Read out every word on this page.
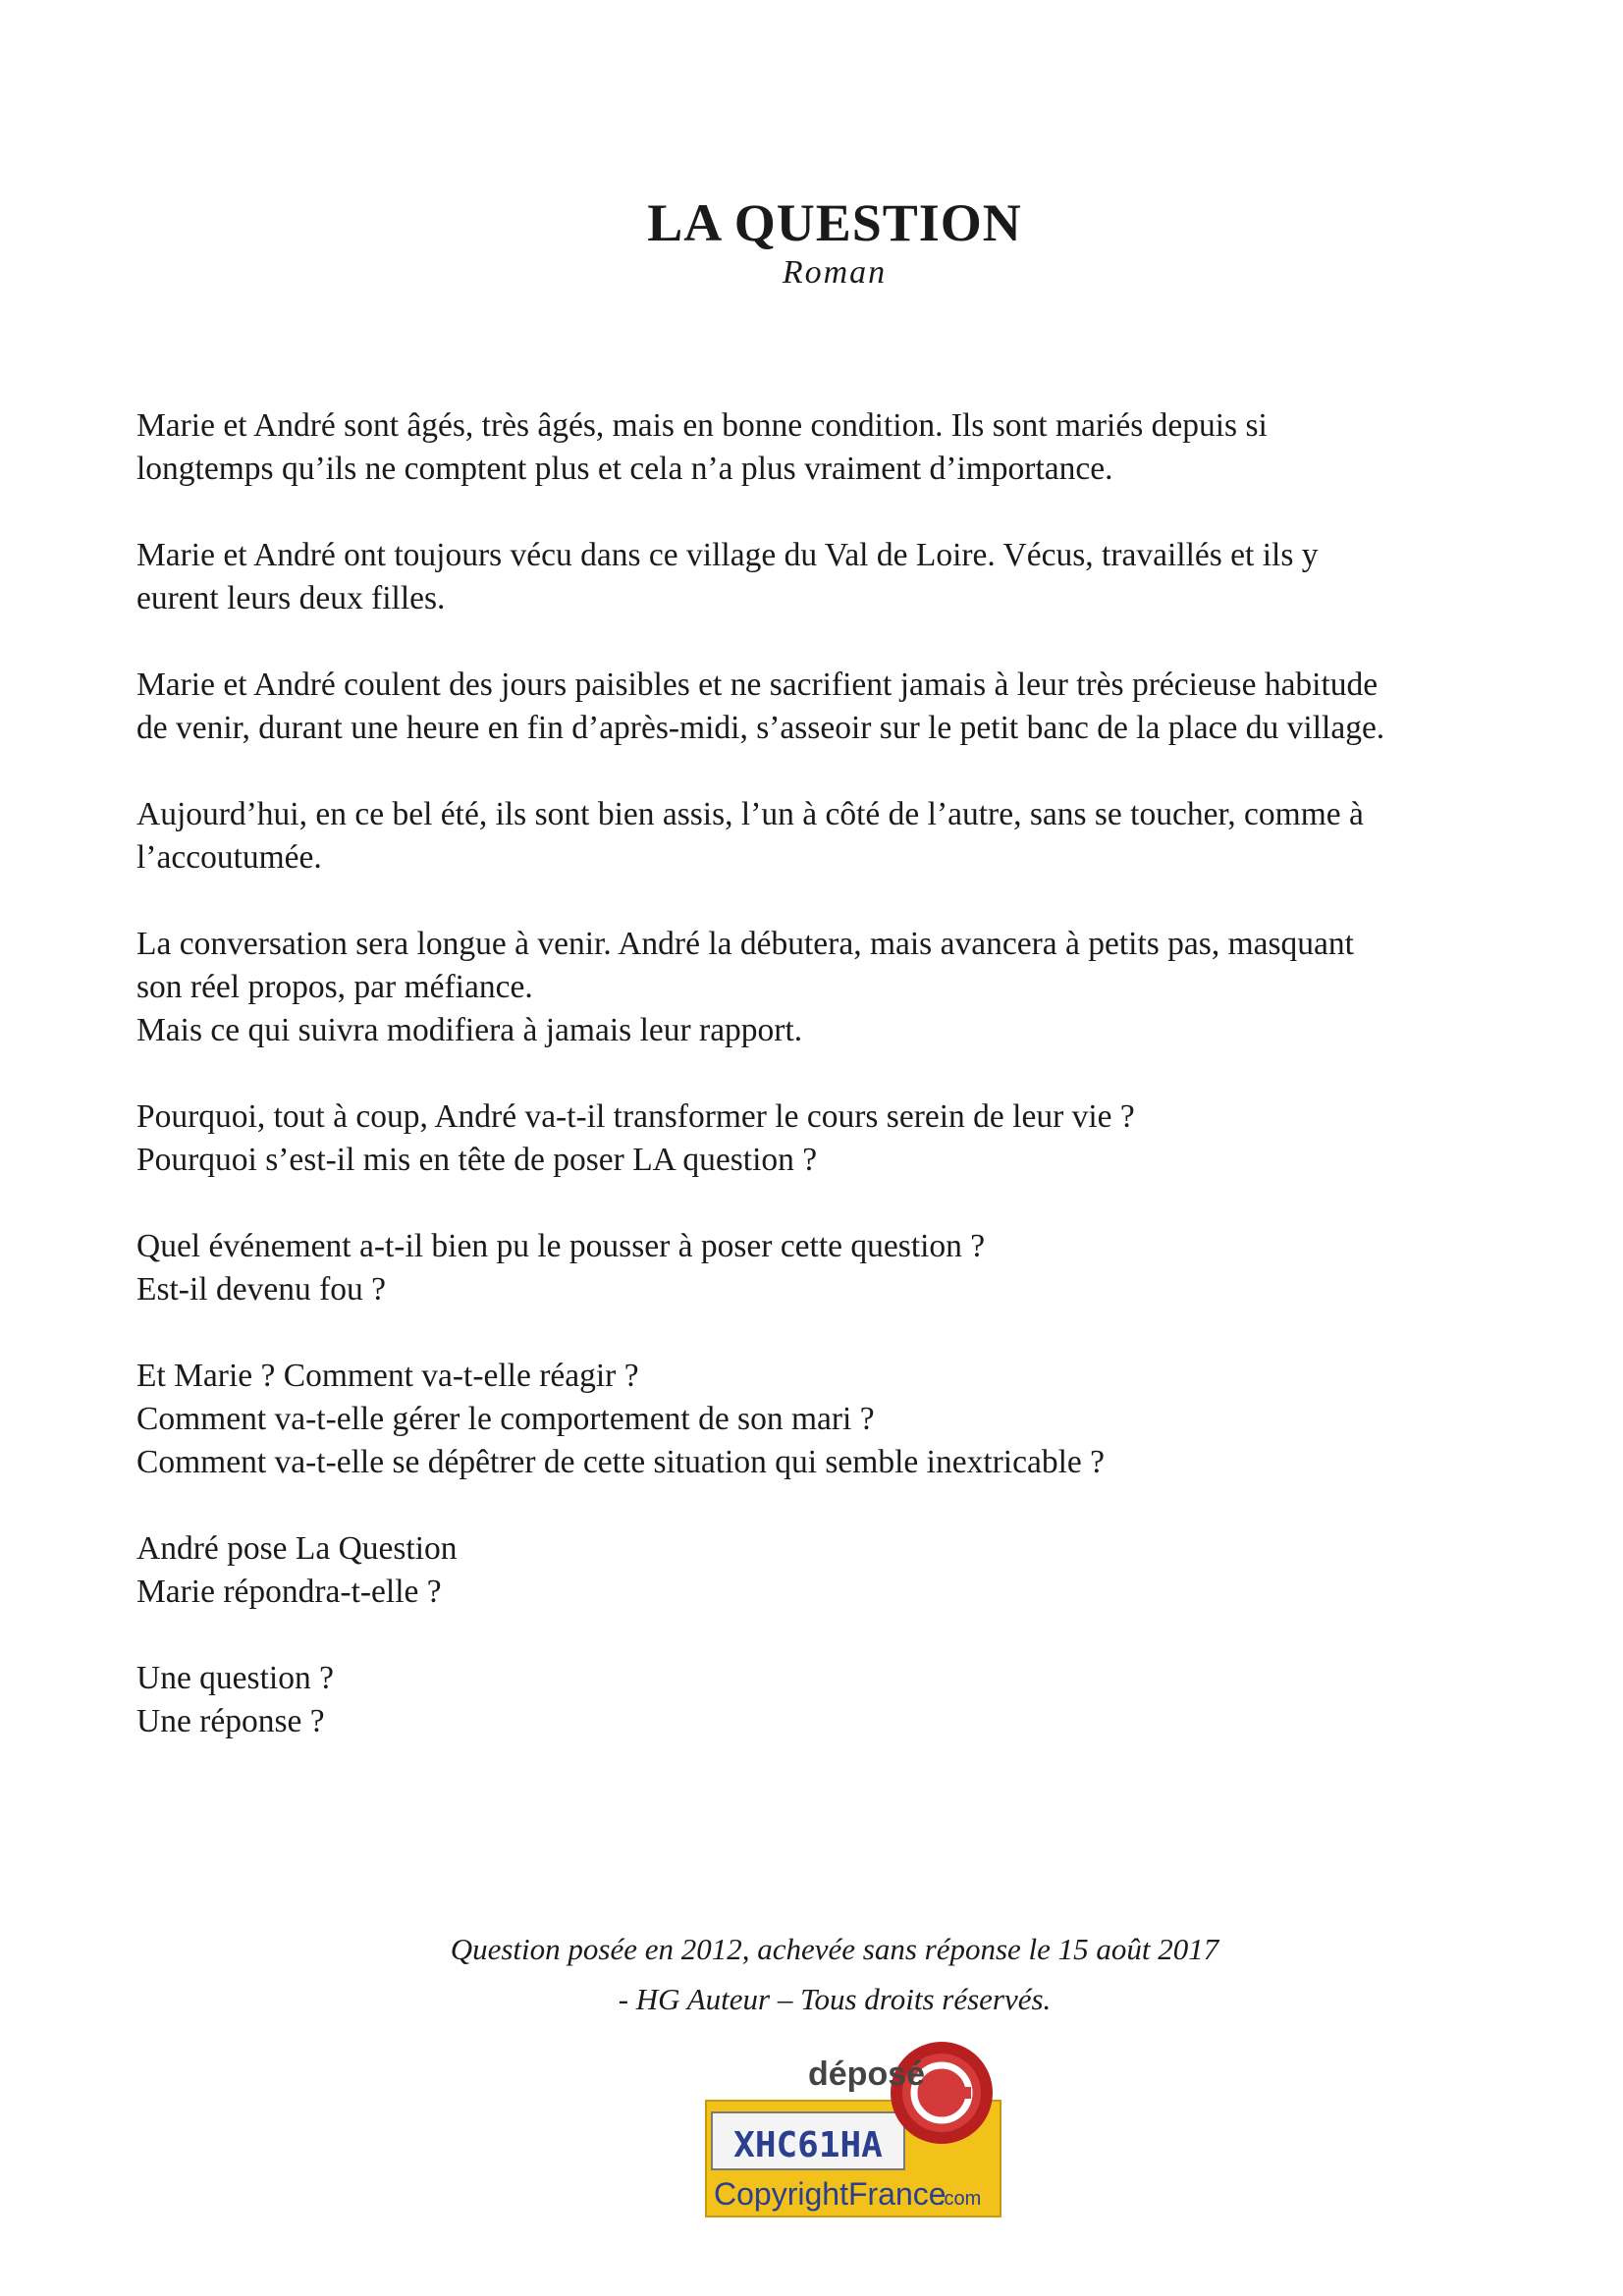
LA QUESTION
Roman
Marie et André sont âgés, très âgés, mais en bonne condition. Ils sont mariés depuis si
longtemps qu’ils ne comptent plus et cela n’a plus vraiment d’importance.
Marie et André ont toujours vécu dans ce village du Val de Loire. Vécus, travaillés et ils y
eurent leurs deux filles.
Marie et André coulent des jours paisibles et ne sacrifient jamais à leur très précieuse habitude
de venir, durant une heure en fin d’après-midi, s’asseoir sur le petit banc de la place du village.
Aujourd’hui, en ce bel été, ils sont bien assis, l’un à côté de l’autre, sans se toucher, comme à
l’accoutumée.
La conversation sera longue à venir. André la débutera, mais avancera à petits pas, masquant
son réel propos, par méfiance.
Mais ce qui suivra modifiera à jamais leur rapport.
Pourquoi, tout à coup, André va-t-il transformer le cours serein de leur vie ?
Pourquoi s’est-il mis en tête de poser LA question ?
Quel événement a-t-il bien pu le pousser à poser cette question ?
Est-il devenu fou ?
Et Marie ? Comment va-t-elle réagir ?
Comment va-t-elle gérer le comportement de son mari ?
Comment va-t-elle se dépêtrer de cette situation qui semble inextricable ?
André pose La Question
Marie répondra-t-elle ?
Une question ?
Une réponse ?
Question posée en 2012, achevée sans réponse le 15 août 2017
- HG Auteur – Tous droits réservés.
déposé
XHC61HA
CopyrightFrance
.com
